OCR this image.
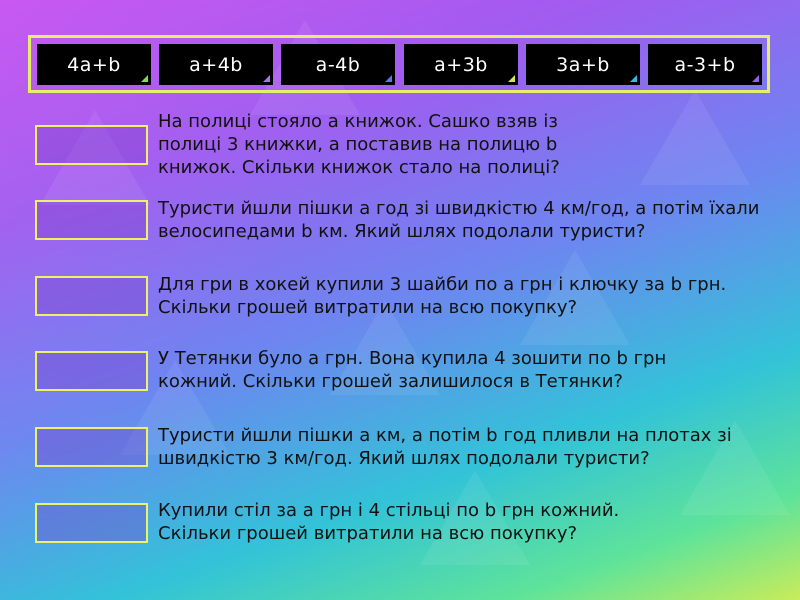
4a+b	a+4b	a-4b	a+3b	3a+b	a-3+b
На полиці стояло a книжок. Сашко взяв із полиці 3 книжки, а поставив на полицю b книжок. Скільки книжок стало на полиці?
Туристи йшли пішки a год зі швидкістю 4 км/год, а потім їхали велосипедами b км. Який шлях подолали туристи?
Для гри в хокей купили 3 шайби по a грн і ключку за b грн. Скільки грошей витратили на всю покупку?
У Тетянки було a грн. Вона купила 4 зошити по b грн кожний. Скільки грошей залишилося в Тетянки?
Туристи йшли пішки a км, а потім b год пливли на плотах зі швидкістю 3 км/год. Який шлях подолали туристи?
Купили стіл за a грн і 4 стільці по b грн кожний. Скільки грошей витратили на всю покупку?
